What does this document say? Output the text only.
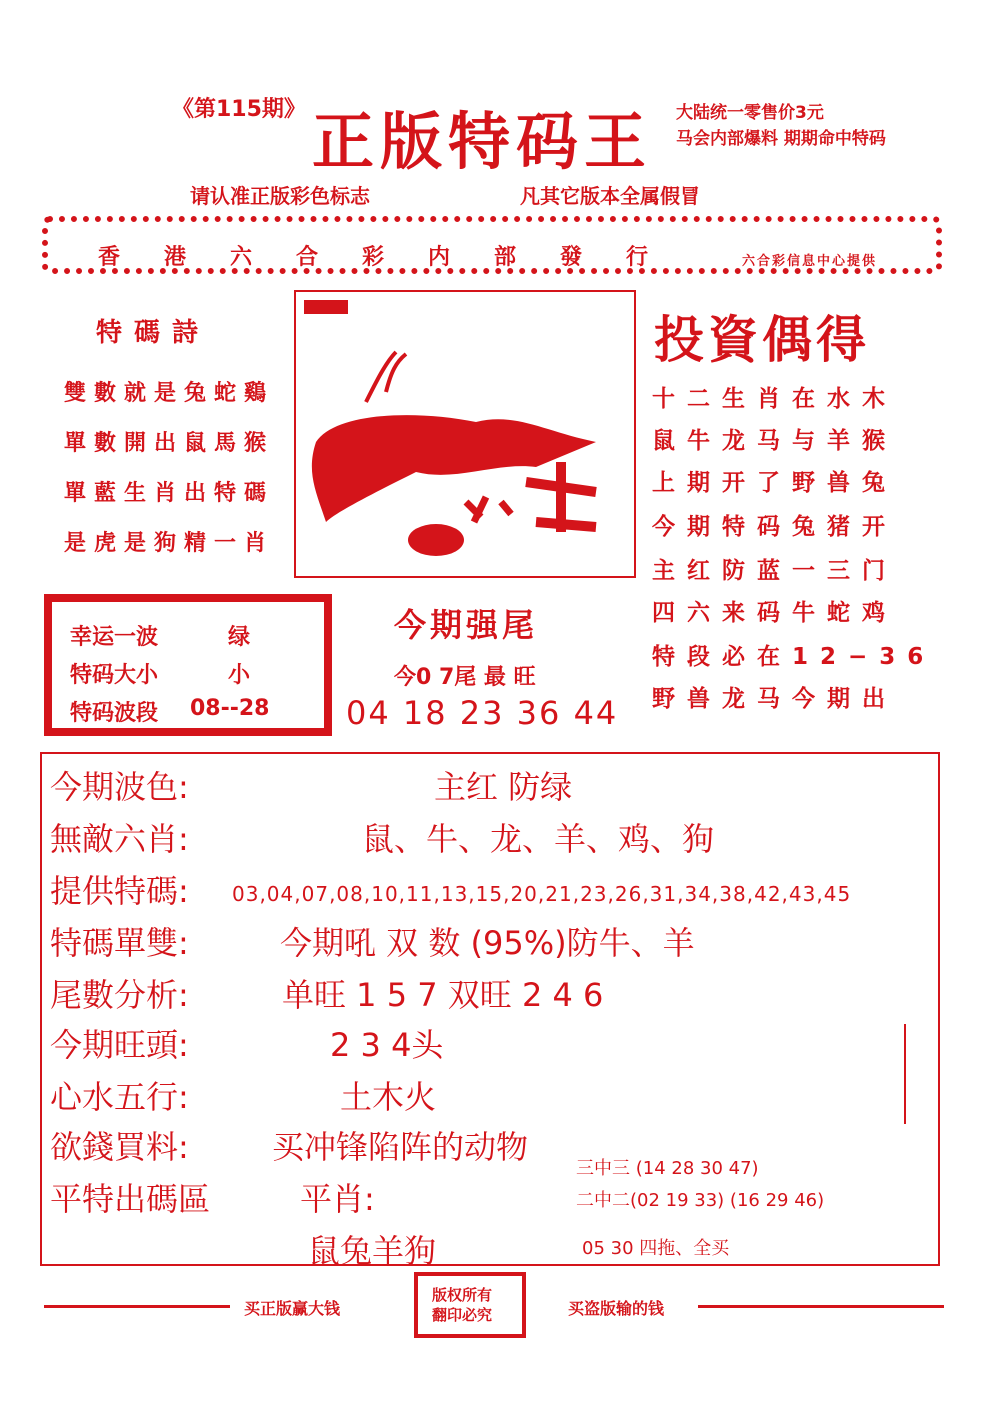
《第115期》 正版特码王 大陆统一零售价3元
马会内部爆料 期期命中特码
请认准正版彩色标志	凡其它版本全属假冒
香港六合彩内部發行	六合彩信息中心提供
特碼詩
雙數就是兔蛇鷄
單數開出鼠馬猴
單藍生肖出特碼
是虎是狗精一肖
投資偶得
十二生肖在水木
鼠牛龙马与羊猴
上期开了野兽兔
今期特码兔猪开
主红防蓝一三门
四六来码牛蛇鸡
特段必在12−36
野兽龙马今期出
幸运一波	绿
特码大小	小
特码波段 08--28
今期强尾
今0 7尾 最 旺
04 18 23 36 44
今期波色:	主红 防绿
無敵六肖:	鼠、牛、龙、羊、鸡、狗
提供特碼: 03,04,07,08,10,11,13,15,20,21,23,26,31,34,38,42,43,45
特碼單雙:	今期吼 双 数 (95%)防牛、羊
尾數分析:	单旺 1 5 7 双旺 2 4 6
今期旺頭:	2 3 4头
心水五行:	土木火
欲錢買料:	买冲锋陷阵的动物
平特出碼區	平肖:
鼠兔羊狗
三中三 (14 28 30 47)
二中二(02 19 33) (16 29 46)
05 30 四拖、全买
买正版赢大钱	买盗版输的钱
版权所有
翻印必究
